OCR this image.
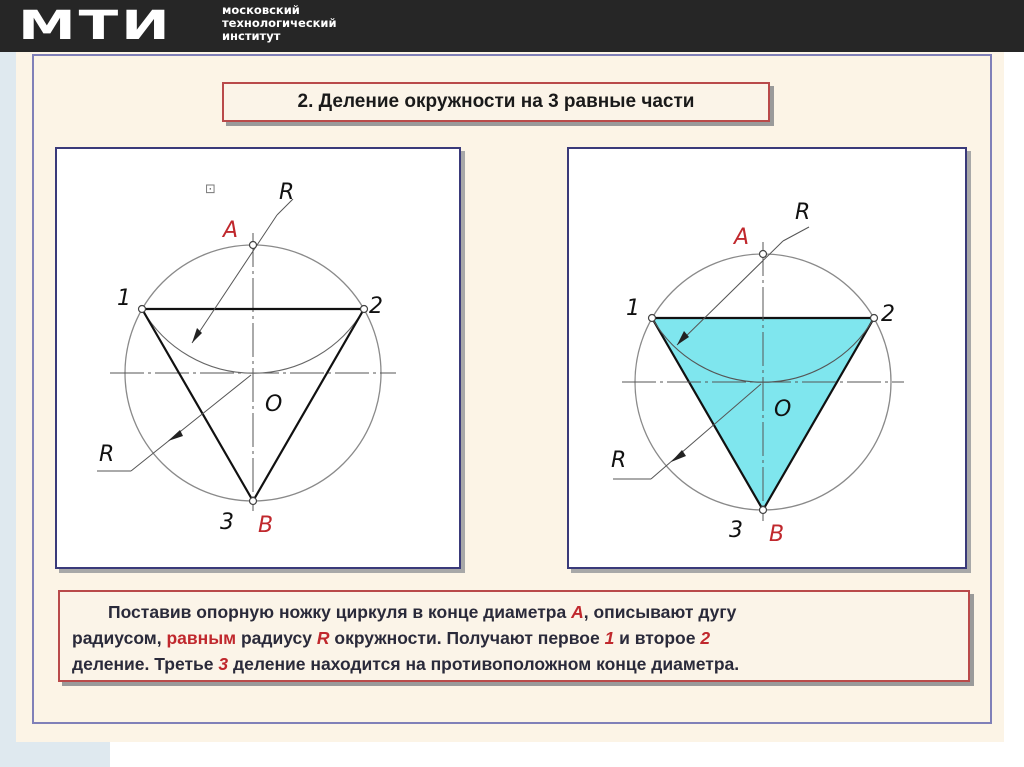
МТИ	московский
технологический
институт
2. Деление окружности на 3 равные части
⊡
A
R
1	2
O
R
3 B
A
R
1	2
O
R
3 B
Поставив опорную ножку циркуля в конце диаметра A, описывают дугу
радиусом, равным радиусу R окружности. Получают первое 1 и второе 2
деление. Третье 3 деление находится на противоположном конце диаметра.
